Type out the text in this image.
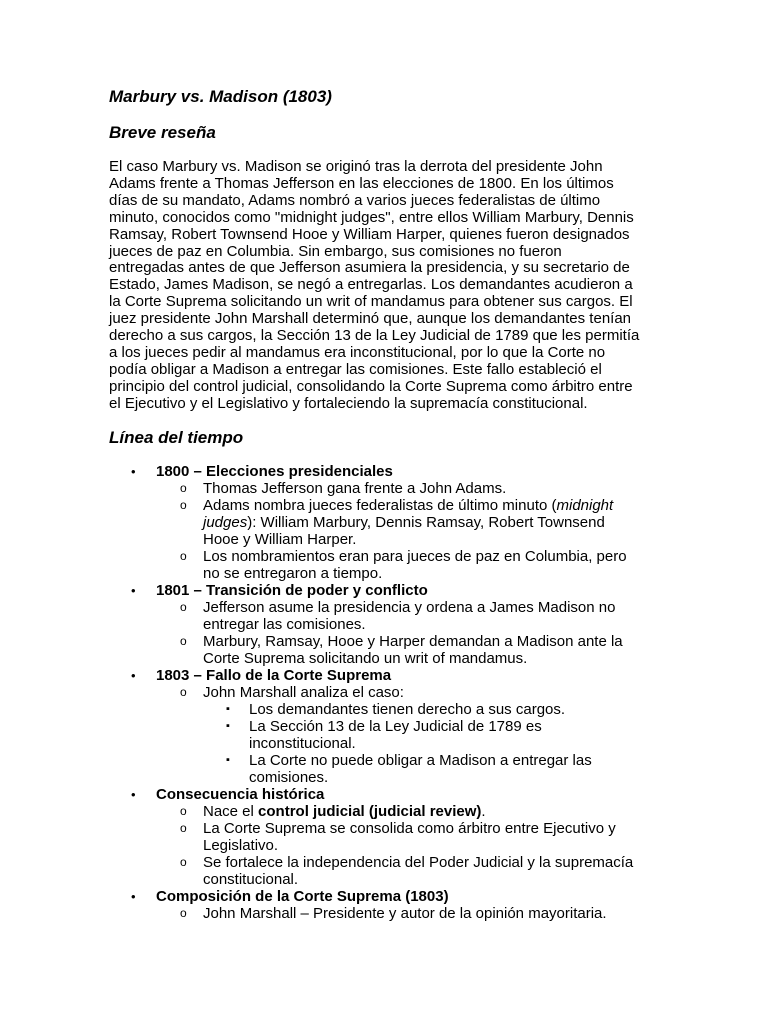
Marbury vs. Madison (1803)
Breve reseña

El caso Marbury vs. Madison se originó tras la derrota del presidente John
Adams frente a Thomas Jefferson en las elecciones de 1800. En los últimos
días de su mandato, Adams nombró a varios jueces federalistas de último
minuto, conocidos como "midnight judges", entre ellos William Marbury, Dennis
Ramsay, Robert Townsend Hooe y William Harper, quienes fueron designados
jueces de paz en Columbia. Sin embargo, sus comisiones no fueron
entregadas antes de que Jefferson asumiera la presidencia, y su secretario de
Estado, James Madison, se negó a entregarlas. Los demandantes acudieron a
la Corte Suprema solicitando un writ of mandamus para obtener sus cargos. El
juez presidente John Marshall determinó que, aunque los demandantes tenían
derecho a sus cargos, la Sección 13 de la Ley Judicial de 1789 que les permitía
a los jueces pedir al mandamus era inconstitucional, por lo que la Corte no
podía obligar a Madison a entregar las comisiones. Este fallo estableció el
principio del control judicial, consolidando la Corte Suprema como árbitro entre
el Ejecutivo y el Legislativo y fortaleciendo la supremacía constitucional.

Línea del tiempo
• 1800 – Elecciones presidenciales
o Thomas Jefferson gana frente a John Adams.
o Adams nombra jueces federalistas de último minuto (midnight
judges): William Marbury, Dennis Ramsay, Robert Townsend
Hooe y William Harper.
o Los nombramientos eran para jueces de paz en Columbia, pero
no se entregaron a tiempo.
• 1801 – Transición de poder y conflicto
o Jefferson asume la presidencia y ordena a James Madison no
entregar las comisiones.
o Marbury, Ramsay, Hooe y Harper demandan a Madison ante la
Corte Suprema solicitando un writ of mandamus.
• 1803 – Fallo de la Corte Suprema
o John Marshall analiza el caso:
▪ Los demandantes tienen derecho a sus cargos.
▪ La Sección 13 de la Ley Judicial de 1789 es
inconstitucional.
▪ La Corte no puede obligar a Madison a entregar las
comisiones.
• Consecuencia histórica
o Nace el control judicial (judicial review).
o La Corte Suprema se consolida como árbitro entre Ejecutivo y
Legislativo.
o Se fortalece la independencia del Poder Judicial y la supremacía
constitucional.
• Composición de la Corte Suprema (1803)
o John Marshall – Presidente y autor de la opinión mayoritaria.
